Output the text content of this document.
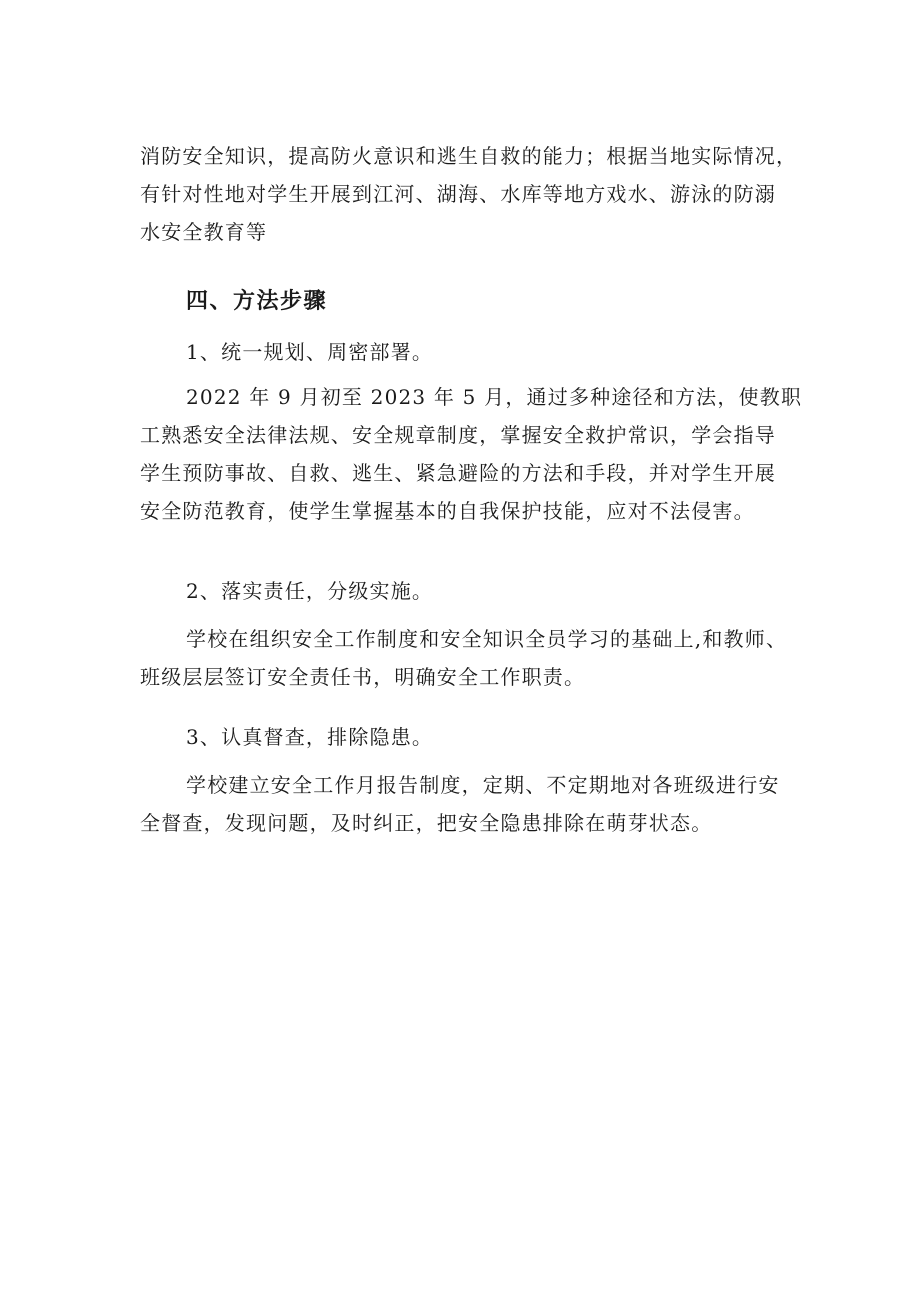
消防安全知识，提高防火意识和逃生自救的能力；根据当地实际情况，
有针对性地对学生开展到江河、湖海、水库等地方戏水、游泳的防溺
水安全教育等
四、方法步骤
1、统一规划、周密部署。
2022 年 9 月初至 2023 年 5 月，通过多种途径和方法，使教职
工熟悉安全法律法规、安全规章制度，掌握安全救护常识，学会指导
学生预防事故、自救、逃生、紧急避险的方法和手段，并对学生开展
安全防范教育，使学生掌握基本的自我保护技能，应对不法侵害。
2、落实责任，分级实施。
学校在组织安全工作制度和安全知识全员学习的基础上,和教师、
班级层层签订安全责任书，明确安全工作职责。
3、认真督查，排除隐患。
学校建立安全工作月报告制度，定期、不定期地对各班级进行安
全督查，发现问题，及时纠正，把安全隐患排除在萌芽状态。
